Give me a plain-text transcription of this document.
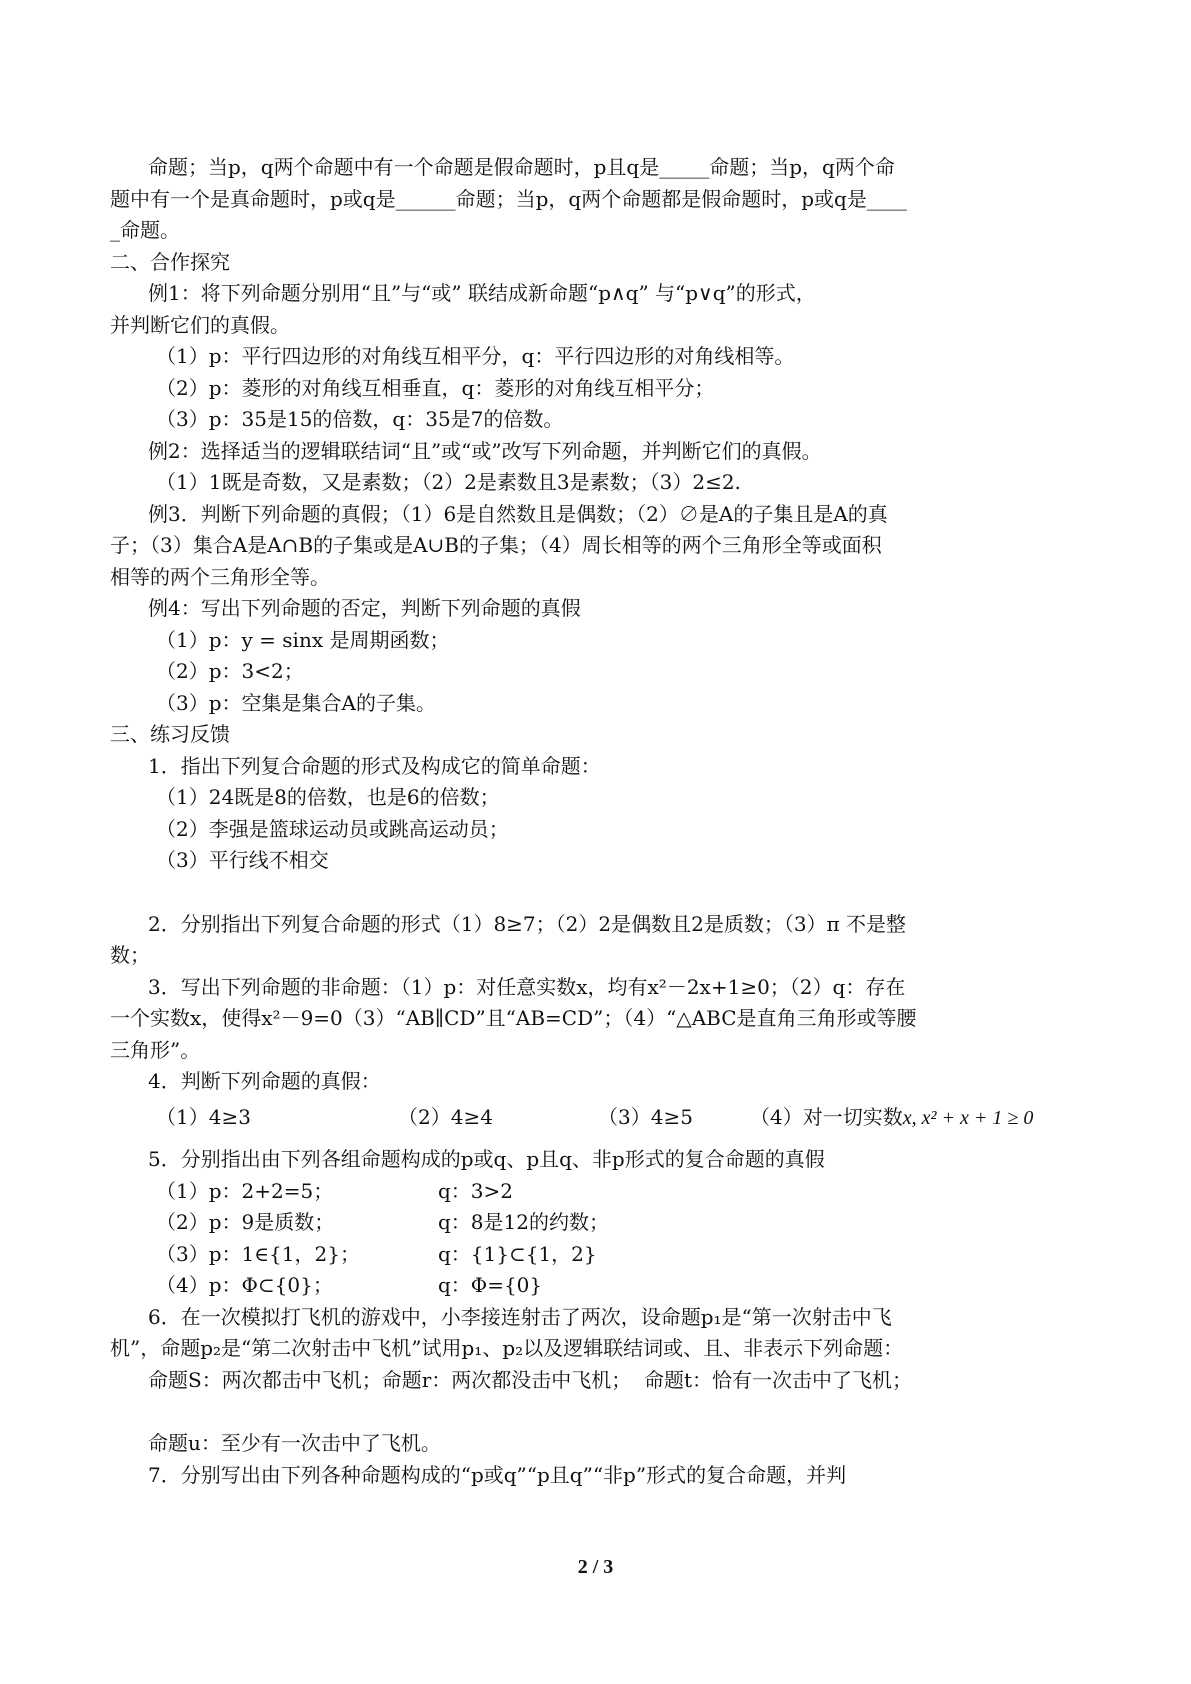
命题；当p，q两个命题中有一个命题是假命题时，p且q是_____命题；当p，q两个命

题中有一个是真命题时，p或q是______命题；当p，q两个命题都是假命题时，p或q是____

_命题。

二、合作探究

例1：将下列命题分别用“且”与“或” 联结成新命题“p∧q” 与“p∨q”的形式，

并判断它们的真假。

（1）p：平行四边形的对角线互相平分，q：平行四边形的对角线相等。

（2）p：菱形的对角线互相垂直，q：菱形的对角线互相平分；

（3）p：35是15的倍数，q：35是7的倍数。

例2：选择适当的逻辑联结词“且”或“或”改写下列命题，并判断它们的真假。

（1）1既是奇数，又是素数；（2）2是素数且3是素数；（3）2≤2.

例3．判断下列命题的真假；（1）6是自然数且是偶数；（2）∅是A的子集且是A的真

子；（3）集合A是A∩B的子集或是A∪B的子集；（4）周长相等的两个三角形全等或面积

相等的两个三角形全等。

例4：写出下列命题的否定，判断下列命题的真假

（1）p：y = sinx 是周期函数；

（2）p：3<2；

（3）p：空集是集合A的子集。

三、练习反馈

1．指出下列复合命题的形式及构成它的简单命题：

（1）24既是8的倍数，也是6的倍数；

（2）李强是篮球运动员或跳高运动员；

（3）平行线不相交

2．分别指出下列复合命题的形式（1）8≥7；（2）2是偶数且2是质数；（3）π 不是整

数；

3．写出下列命题的非命题：（1）p：对任意实数x，均有x²－2x+1≥0；（2）q：存在

一个实数x，使得x²－9=0（3）“AB∥CD”且“AB=CD”；（4）“△ABC是直角三角形或等腰

三角形”。

4．判断下列命题的真假：

（1）4≥3	（2）4≥4	（3）4≥5	（4）对一切实数x, x² + x + 1 ≥ 0

5．分别指出由下列各组命题构成的p或q、p且q、非p形式的复合命题的真假

（1）p：2+2=5；	q：3>2
（2）p：9是质数；	q：8是12的约数；
（3）p：1∈{1，2}；	q：{1}⊂{1，2}
（4）p：Φ⊂{0}；	q：Φ={0}

6．在一次模拟打飞机的游戏中，小李接连射击了两次，设命题p₁是“第一次射击中飞

机”，命题p₂是“第二次射击中飞机”试用p₁、p₂以及逻辑联结词或、且、非表示下列命题：

命题S：两次都击中飞机；命题r：两次都没击中飞机；  命题t：恰有一次击中了飞机；

命题u：至少有一次击中了飞机。

7．分别写出由下列各种命题构成的“p或q”“p且q”“非p”形式的复合命题，并判

2 / 3
